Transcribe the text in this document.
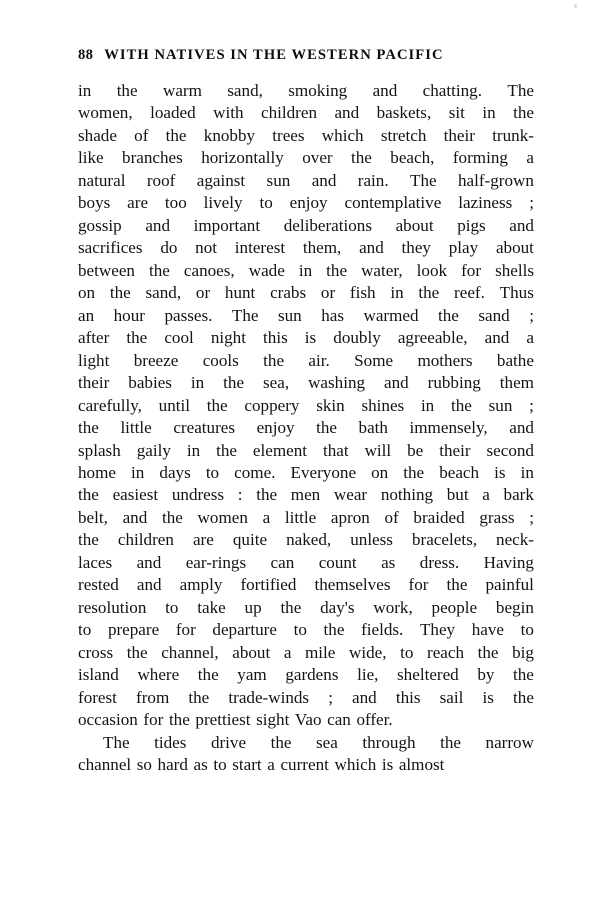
88 WITH NATIVES IN THE WESTERN PACIFIC
in the warm sand, smoking and chatting. The
women, loaded with children and baskets, sit in the
shade of the knobby trees which stretch their trunk-
like branches horizontally over the beach, forming a
natural roof against sun and rain. The half-grown
boys are too lively to enjoy contemplative laziness ;
gossip and important deliberations about pigs and
sacrifices do not interest them, and they play about
between the canoes, wade in the water, look for shells
on the sand, or hunt crabs or fish in the reef. Thus
an hour passes. The sun has warmed the sand ;
after the cool night this is doubly agreeable, and a
light breeze cools the air. Some mothers bathe
their babies in the sea, washing and rubbing them
carefully, until the coppery skin shines in the sun ;
the little creatures enjoy the bath immensely, and
splash gaily in the element that will be their second
home in days to come. Everyone on the beach is in
the easiest undress : the men wear nothing but a bark
belt, and the women a little apron of braided grass ;
the children are quite naked, unless bracelets, neck-
laces and ear-rings can count as dress. Having
rested and amply fortified themselves for the painful
resolution to take up the day's work, people begin
to prepare for departure to the fields. They have to
cross the channel, about a mile wide, to reach the big
island where the yam gardens lie, sheltered by the
forest from the trade-winds ; and this sail is the
occasion for the prettiest sight Vao can offer.
The tides drive the sea through the narrow
channel so hard as to start a current which is almost
